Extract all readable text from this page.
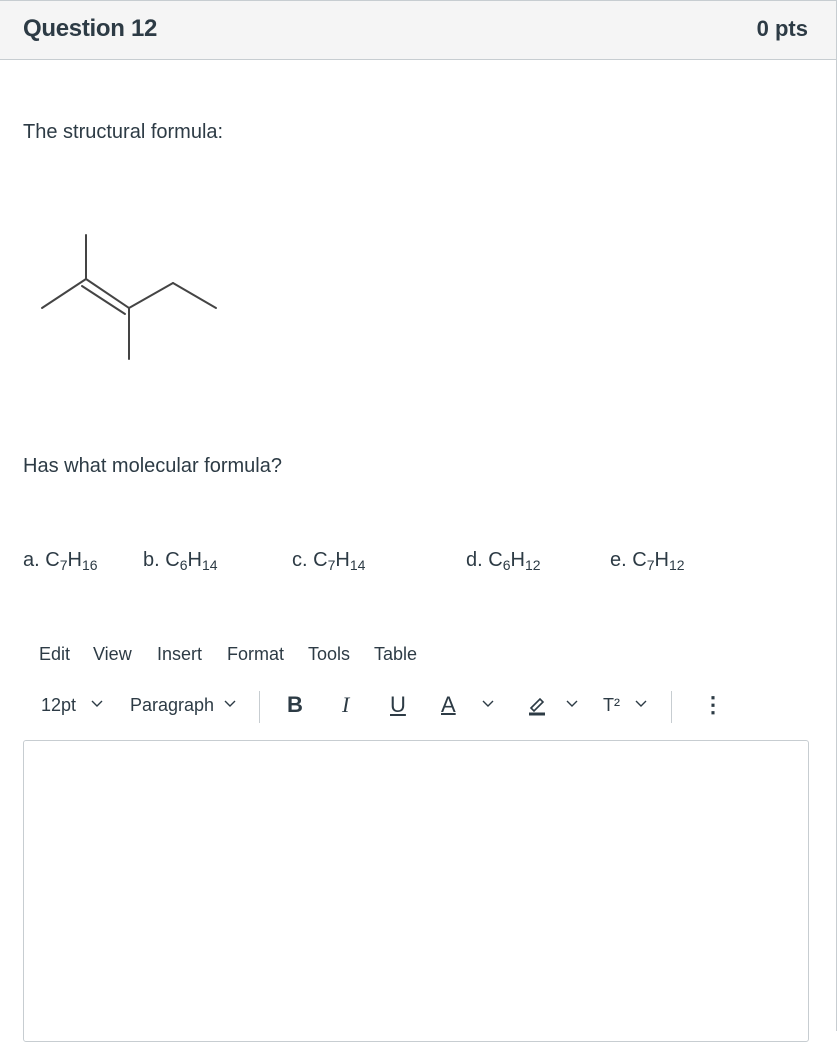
Question 12	0 pts
The structural formula:
Has what molecular formula?
a. $C_7H_{16}$ b. $C_6H_{14}$	c. $C_7H_{14}$	d. $C_6H_{12}$	e. $C_7H_{12}$
Edit View Insert Format Tools Table
12pt	Paragraph	B I U A	T²	⋮
